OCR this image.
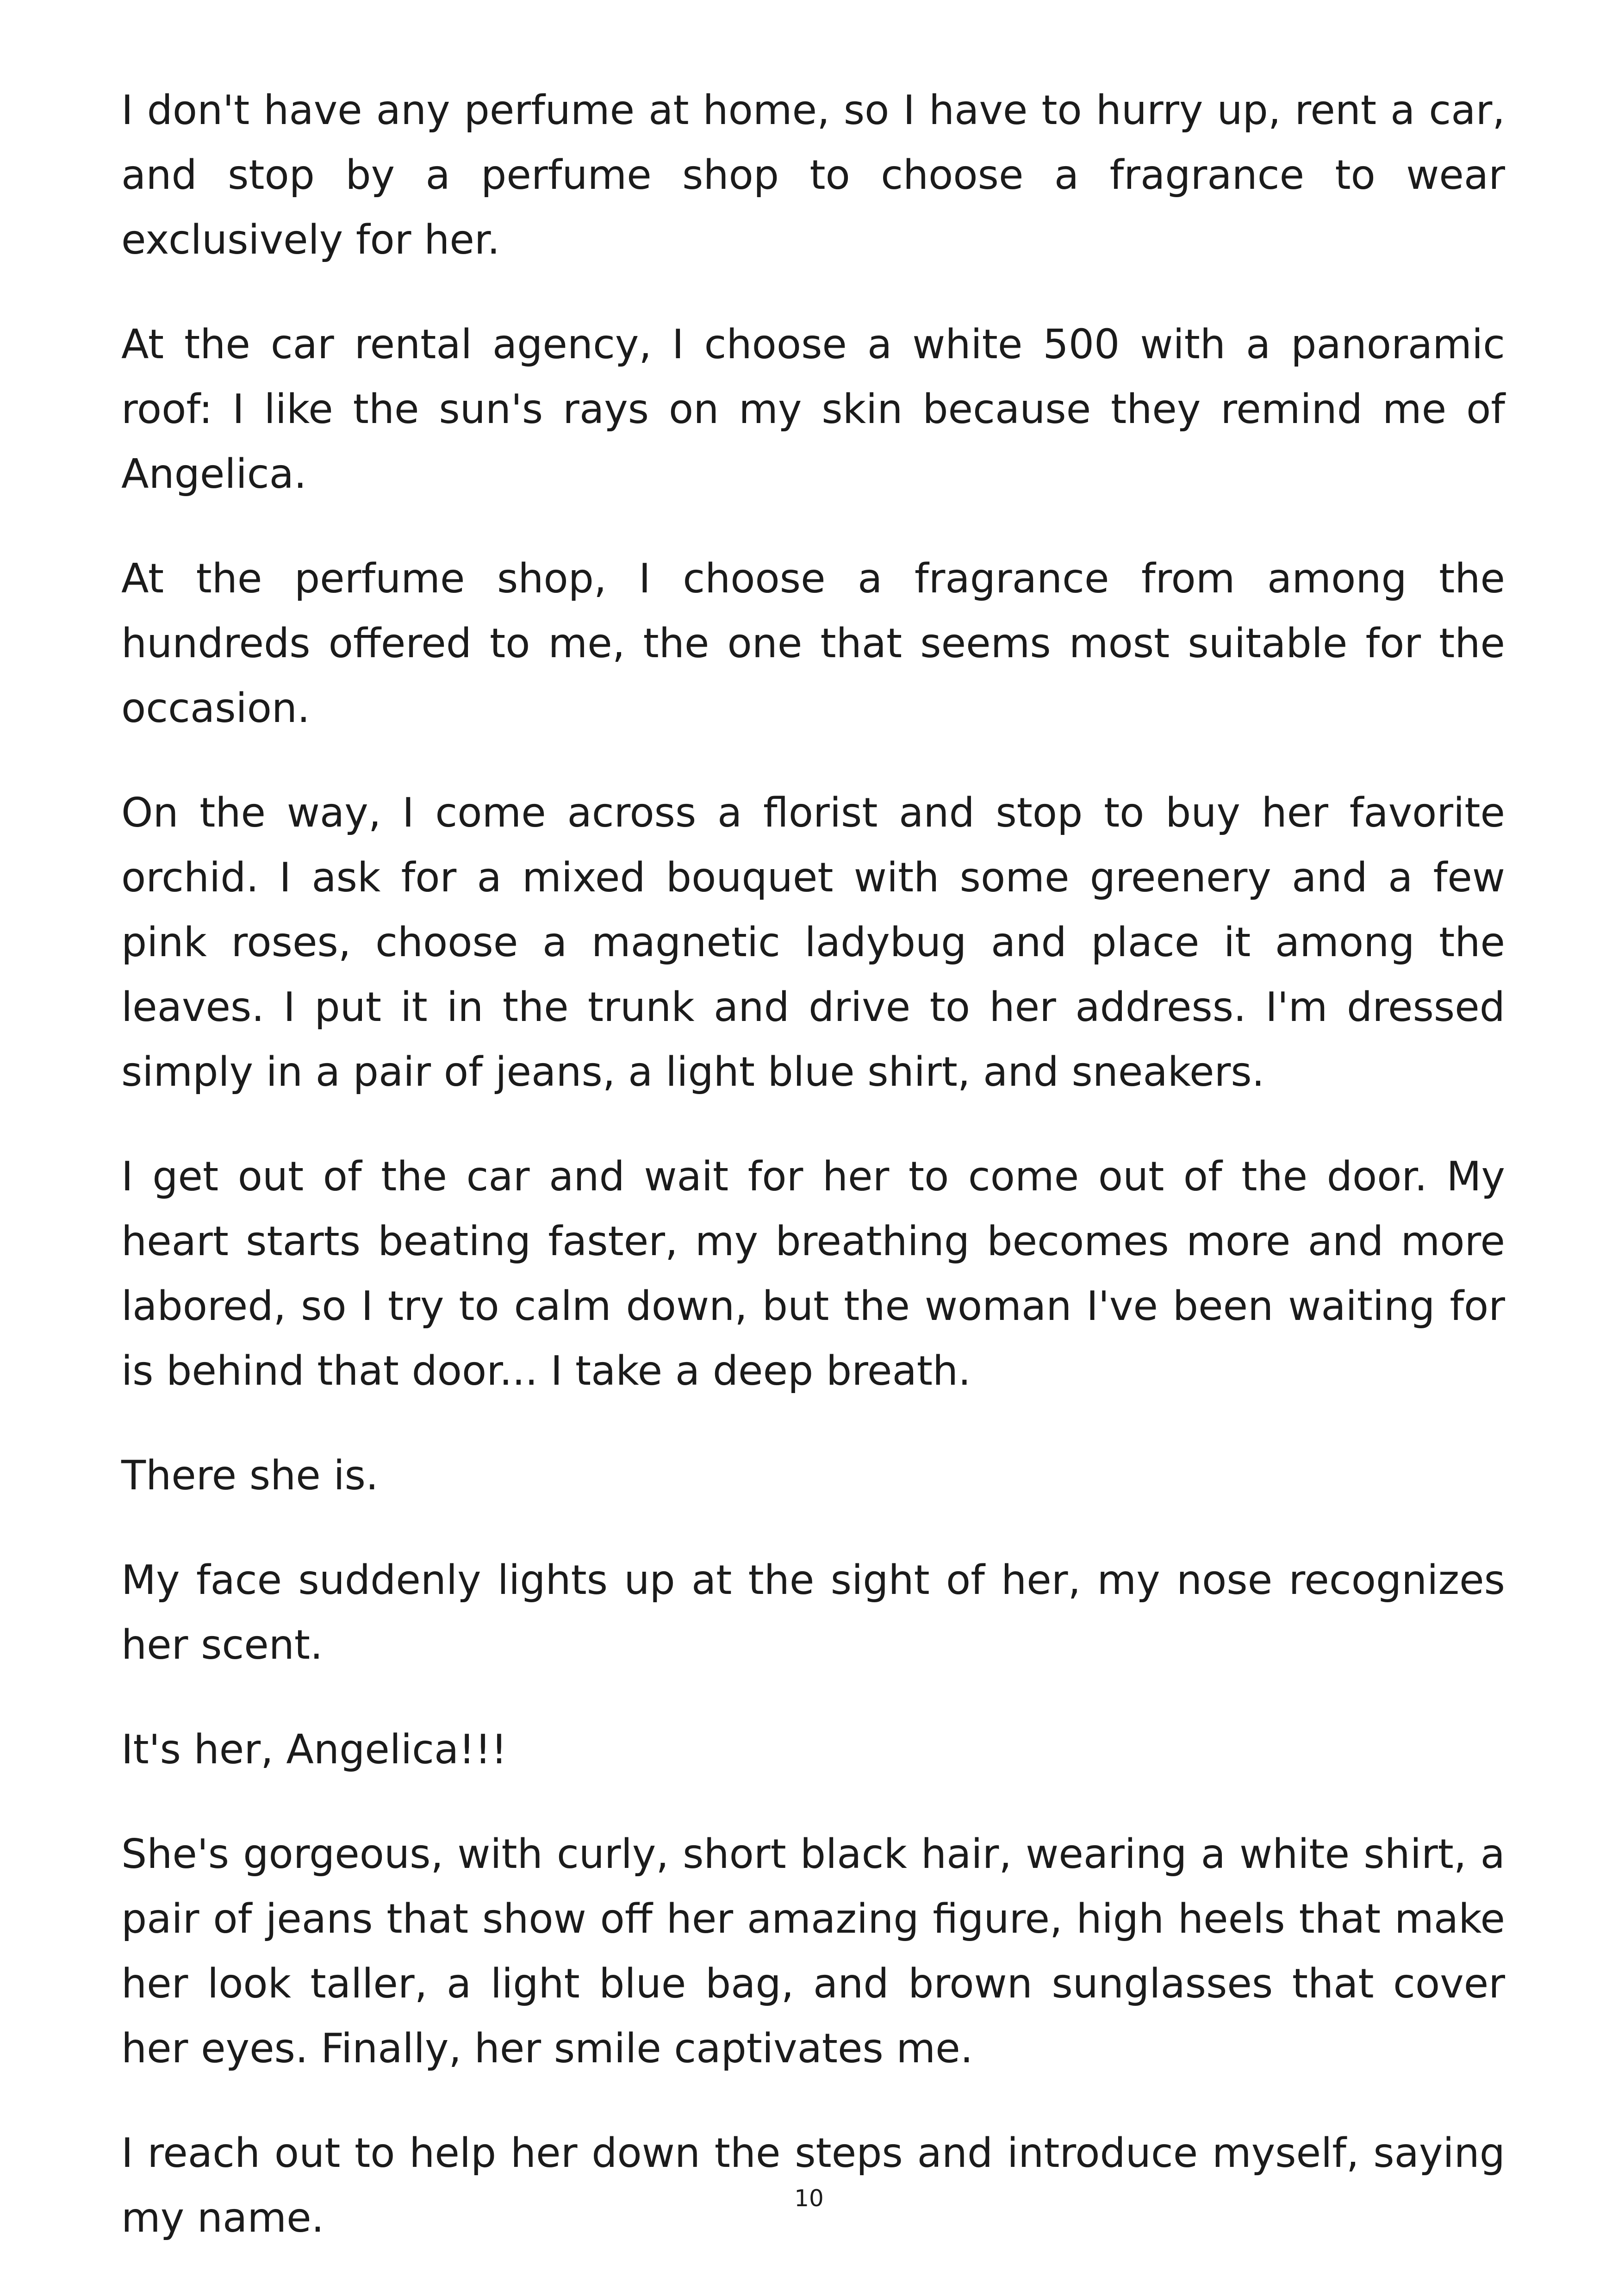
I don't have any perfume at home, so I have to hurry up, rent a car, and stop by a perfume shop to choose a fragrance to wear exclusively for her.

At the car rental agency, I choose a white 500 with a panoramic roof: I like the sun's rays on my skin because they remind me of Angelica.

At the perfume shop, I choose a fragrance from among the hundreds offered to me, the one that seems most suitable for the occasion.

On the way, I come across a florist and stop to buy her favorite orchid. I ask for a mixed bouquet with some greenery and a few pink roses, choose a magnetic ladybug and place it among the leaves. I put it in the trunk and drive to her address. I'm dressed simply in a pair of jeans, a light blue shirt, and sneakers.

I get out of the car and wait for her to come out of the door. My heart starts beating faster, my breathing becomes more and more labored, so I try to calm down, but the woman I've been waiting for is behind that door... I take a deep breath.

There she is.

My face suddenly lights up at the sight of her, my nose recognizes her scent.

It's her, Angelica!!!

She's gorgeous, with curly, short black hair, wearing a white shirt, a pair of jeans that show off her amazing figure, high heels that make her look taller, a light blue bag, and brown sunglasses that cover her eyes. Finally, her smile captivates me.

I reach out to help her down the steps and introduce myself, saying my name.	10
